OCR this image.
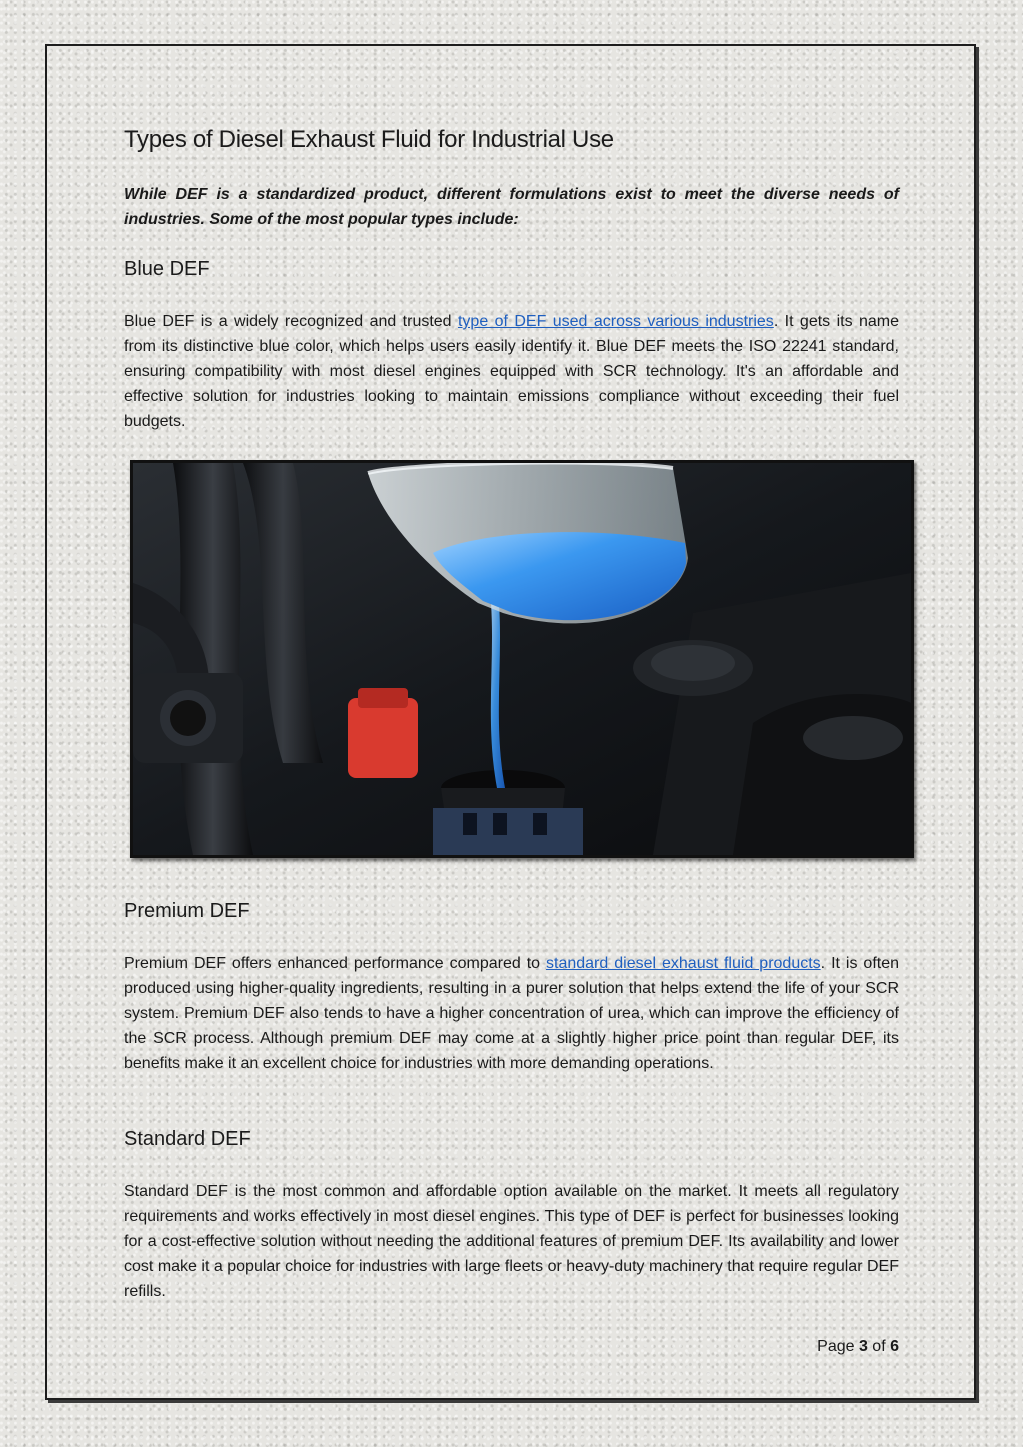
Types of Diesel Exhaust Fluid for Industrial Use

While DEF is a standardized product, different formulations exist to meet the diverse needs of industries. Some of the most popular types include:

Blue DEF

Blue DEF is a widely recognized and trusted type of DEF used across various industries. It gets its name from its distinctive blue color, which helps users easily identify it. Blue DEF meets the ISO 22241 standard, ensuring compatibility with most diesel engines equipped with SCR technology. It's an affordable and effective solution for industries looking to maintain emissions compliance without exceeding their fuel budgets.

Premium DEF

Premium DEF offers enhanced performance compared to standard diesel exhaust fluid products. It is often produced using higher-quality ingredients, resulting in a purer solution that helps extend the life of your SCR system. Premium DEF also tends to have a higher concentration of urea, which can improve the efficiency of the SCR process. Although premium DEF may come at a slightly higher price point than regular DEF, its benefits make it an excellent choice for industries with more demanding operations.

Standard DEF

Standard DEF is the most common and affordable option available on the market. It meets all regulatory requirements and works effectively in most diesel engines. This type of DEF is perfect for businesses looking for a cost-effective solution without needing the additional features of premium DEF. Its availability and lower cost make it a popular choice for industries with large fleets or heavy-duty machinery that require regular DEF refills.

Page 3 of 6
